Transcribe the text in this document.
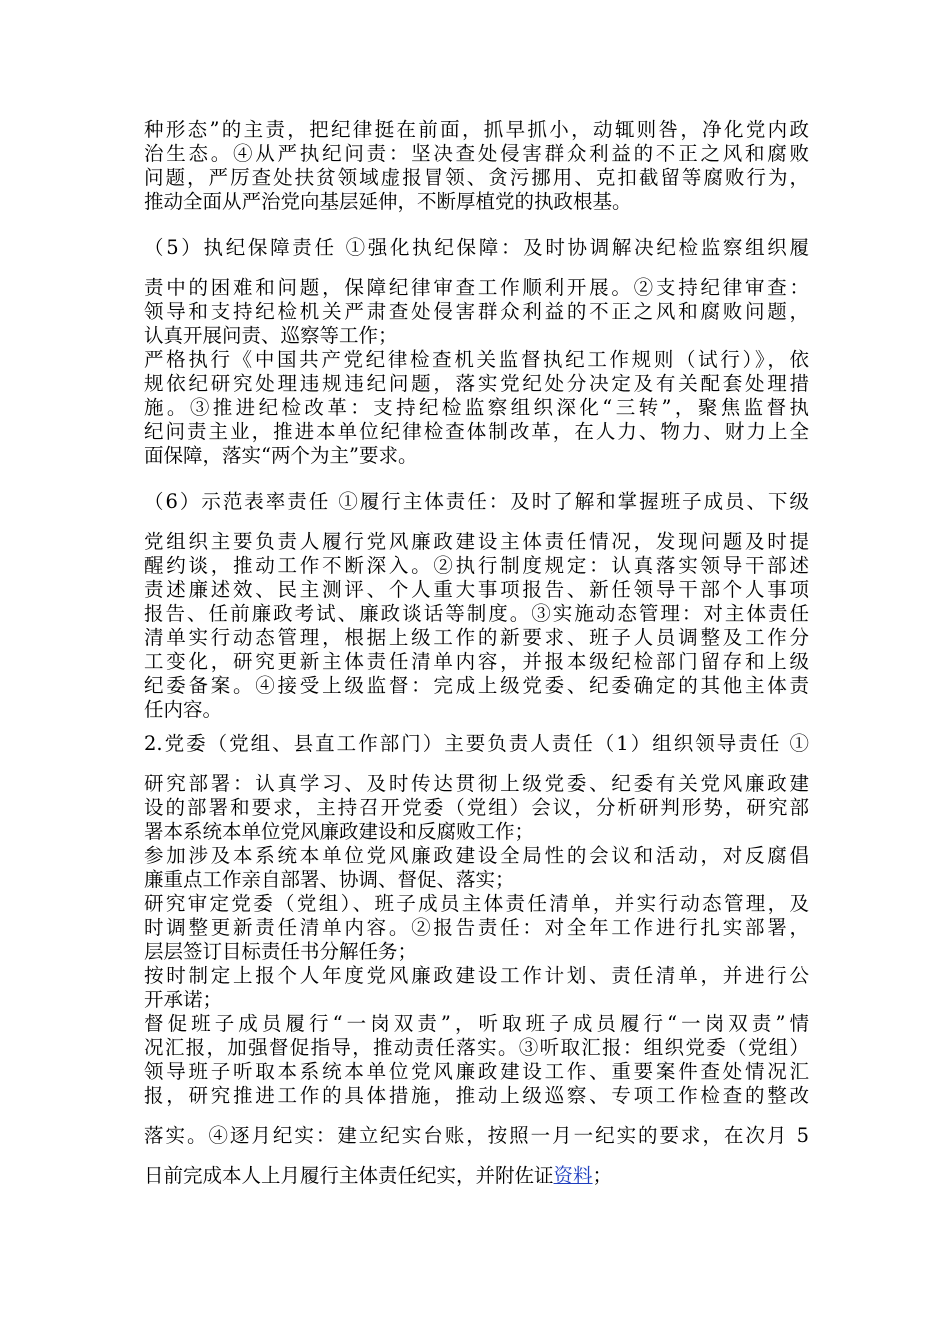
种形态”的主责，把纪律挺在前面，抓早抓小，动辄则咎，净化党内政
治生态。④从严执纪问责：坚决查处侵害群众利益的不正之风和腐败
问题，严厉查处扶贫领域虚报冒领、贪污挪用、克扣截留等腐败行为，
推动全面从严治党向基层延伸，不断厚植党的执政根基。
（5）执纪保障责任 ①强化执纪保障：及时协调解决纪检监察组织履
责中的困难和问题，保障纪律审查工作顺利开展。②支持纪律审查：
领导和支持纪检机关严肃查处侵害群众利益的不正之风和腐败问题，
认真开展问责、巡察等工作；
严格执行《中国共产党纪律检查机关监督执纪工作规则（试行）》，依
规依纪研究处理违规违纪问题，落实党纪处分决定及有关配套处理措
施。③推进纪检改革：支持纪检监察组织深化“三转”，聚焦监督执
纪问责主业，推进本单位纪律检查体制改革，在人力、物力、财力上全
面保障，落实“两个为主”要求。
（6）示范表率责任 ①履行主体责任：及时了解和掌握班子成员、下级
党组织主要负责人履行党风廉政建设主体责任情况，发现问题及时提
醒约谈，推动工作不断深入。②执行制度规定：认真落实领导干部述
责述廉述效、民主测评、个人重大事项报告、新任领导干部个人事项
报告、任前廉政考试、廉政谈话等制度。③实施动态管理：对主体责任
清单实行动态管理，根据上级工作的新要求、班子人员调整及工作分
工变化，研究更新主体责任清单内容，并报本级纪检部门留存和上级
纪委备案。④接受上级监督：完成上级党委、纪委确定的其他主体责
任内容。
2.党委（党组、县直工作部门）主要负责人责任（1）组织领导责任 ①
研究部署：认真学习、及时传达贯彻上级党委、纪委有关党风廉政建
设的部署和要求，主持召开党委（党组）会议，分析研判形势，研究部
署本系统本单位党风廉政建设和反腐败工作；
参加涉及本系统本单位党风廉政建设全局性的会议和活动，对反腐倡
廉重点工作亲自部署、协调、督促、落实；
研究审定党委（党组）、班子成员主体责任清单，并实行动态管理，及
时调整更新责任清单内容。②报告责任：对全年工作进行扎实部署，
层层签订目标责任书分解任务；
按时制定上报个人年度党风廉政建设工作计划、责任清单，并进行公
开承诺；
督促班子成员履行“一岗双责”，听取班子成员履行“一岗双责”情
况汇报，加强督促指导，推动责任落实。③听取汇报：组织党委（党组）
领导班子听取本系统本单位党风廉政建设工作、重要案件查处情况汇
报，研究推进工作的具体措施，推动上级巡察、专项工作检查的整改
落实。④逐月纪实：建立纪实台账，按照一月一纪实的要求，在次月 5
日前完成本人上月履行主体责任纪实，并附佐证资料；
